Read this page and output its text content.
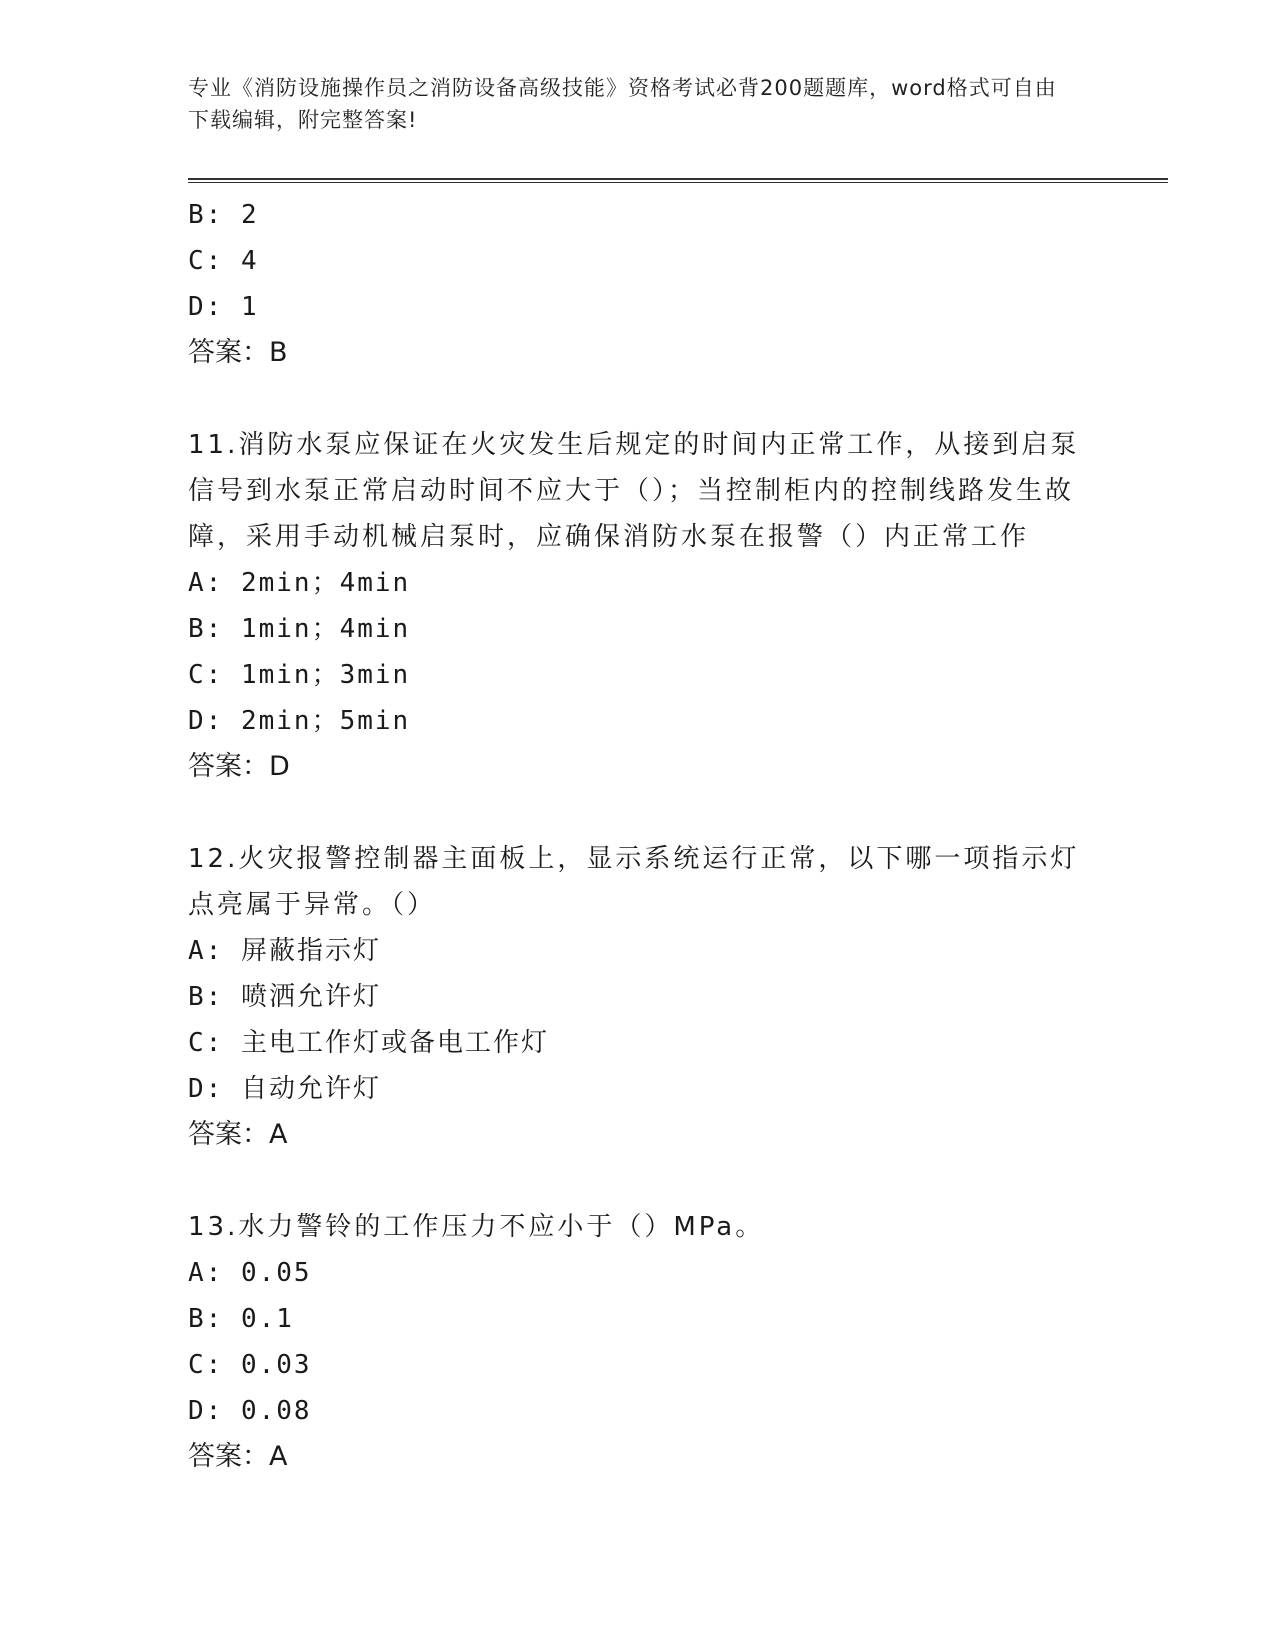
专业《消防设施操作员之消防设备高级技能》资格考试必背200题题库，word格式可自由下载编辑，附完整答案!
B: 2
C: 4
D: 1
答案：B
11.消防水泵应保证在火灾发生后规定的时间内正常工作，从接到启泵信号到水泵正常启动时间不应大于（）；当控制柜内的控制线路发生故障，采用手动机械启泵时，应确保消防水泵在报警（）内正常工作
A: 2min；4min
B: 1min；4min
C: 1min；3min
D: 2min；5min
答案：D
12.火灾报警控制器主面板上，显示系统运行正常，以下哪一项指示灯点亮属于异常。（）
A: 屏蔽指示灯
B: 喷洒允许灯
C: 主电工作灯或备电工作灯
D: 自动允许灯
答案：A
13.水力警铃的工作压力不应小于（）MPa。
A: 0.05
B: 0.1
C: 0.03
D: 0.08
答案：A
